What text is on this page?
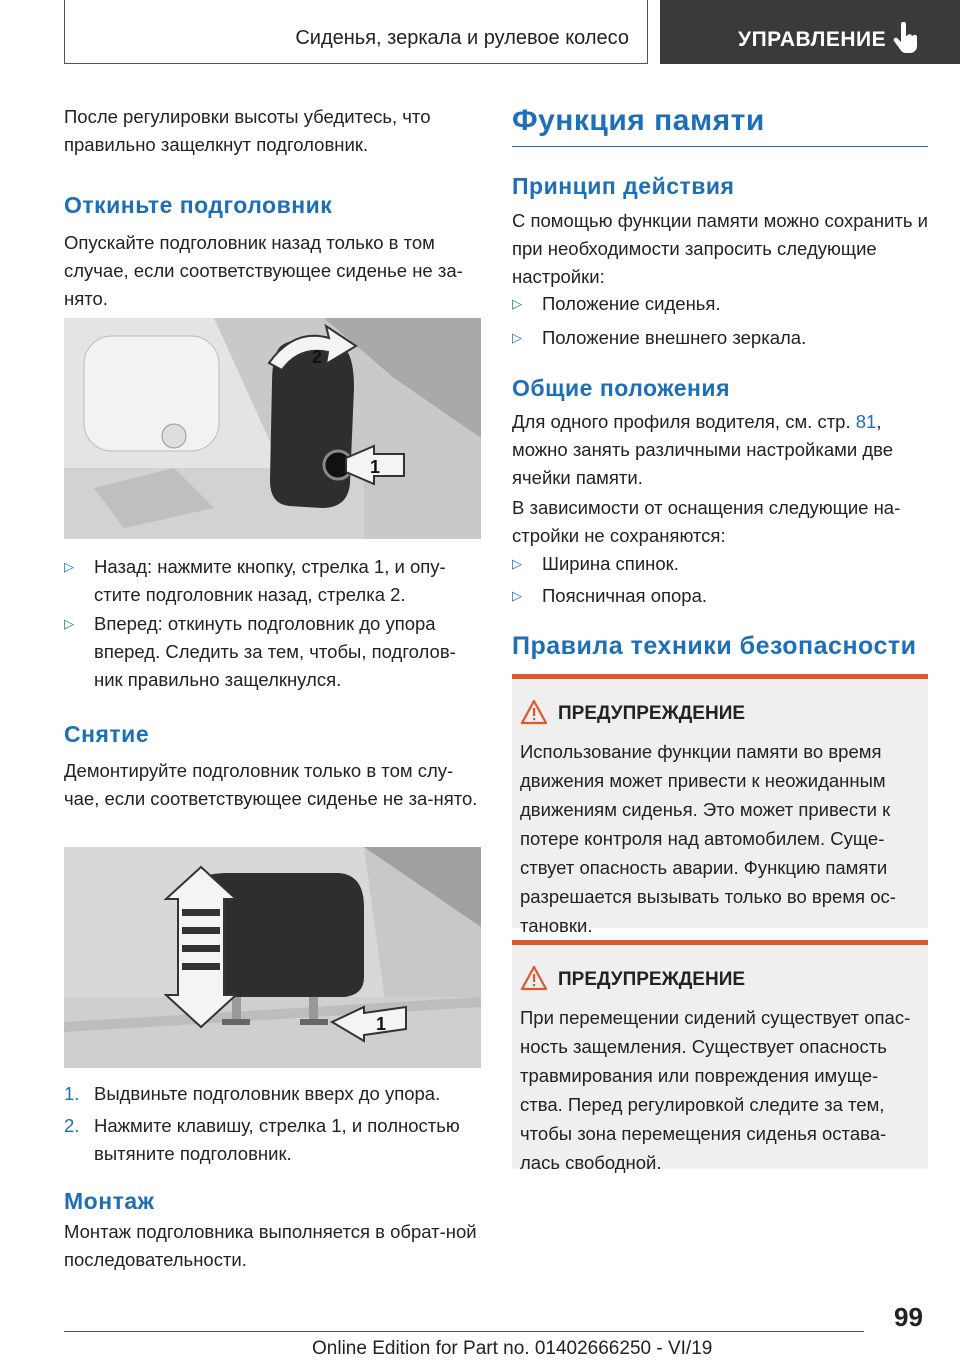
Сиденья, зеркала и рулевое колесо	УПРАВЛЕНИЕ

После регулировки высоты убедитесь, что правильно защелкнут подголовник.

Откиньте подголовник

Опускайте подголовник назад только в том случае, если соответствующее сиденье не за-нято.

1
2
▷ Назад: нажмите кнопку, стрелка 1, и опу-стите подголовник назад, стрелка 2.
▷ Вперед: откинуть подголовник до упора вперед. Следить за тем, чтобы, подголов-ник правильно защелкнулся.
Снятие

Демонтируйте подголовник только в том слу-чае, если соответствующее сиденье не за-нято.

1
1. Выдвиньте подголовник вверх до упора.
2. Нажмите клавишу, стрелка 1, и полностью вытяните подголовник.
Монтаж

Монтаж подголовника выполняется в обрат-ной последовательности.

Функция памяти
Принцип действия

С помощью функции памяти можно сохранить и при необходимости запросить следующие настройки:

▷ Положение сиденья.
▷ Положение внешнего зеркала.
Общие положения

Для одного профиля водителя, см. стр. 81, можно занять различными настройками две ячейки памяти.

В зависимости от оснащения следующие на-стройки не сохраняются:

▷ Ширина спинок.
▷ Поясничная опора.
Правила техники безопасности
ПРЕДУПРЕЖДЕНИЕ
Использование функции памяти во время движения может привести к неожиданным движениям сиденья. Это может привести к потере контроля над автомобилем. Суще-ствует опасность аварии. Функцию памяти разрешается вызывать только во время ос-тановки.
ПРЕДУПРЕЖДЕНИЕ
При перемещении сидений существует опас-ность защемления. Существует опасность травмирования или повреждения имуще-ства. Перед регулировкой следите за тем, чтобы зона перемещения сиденья остава-лась свободной.
99
Online Edition for Part no. 01402666250 - VI/19
